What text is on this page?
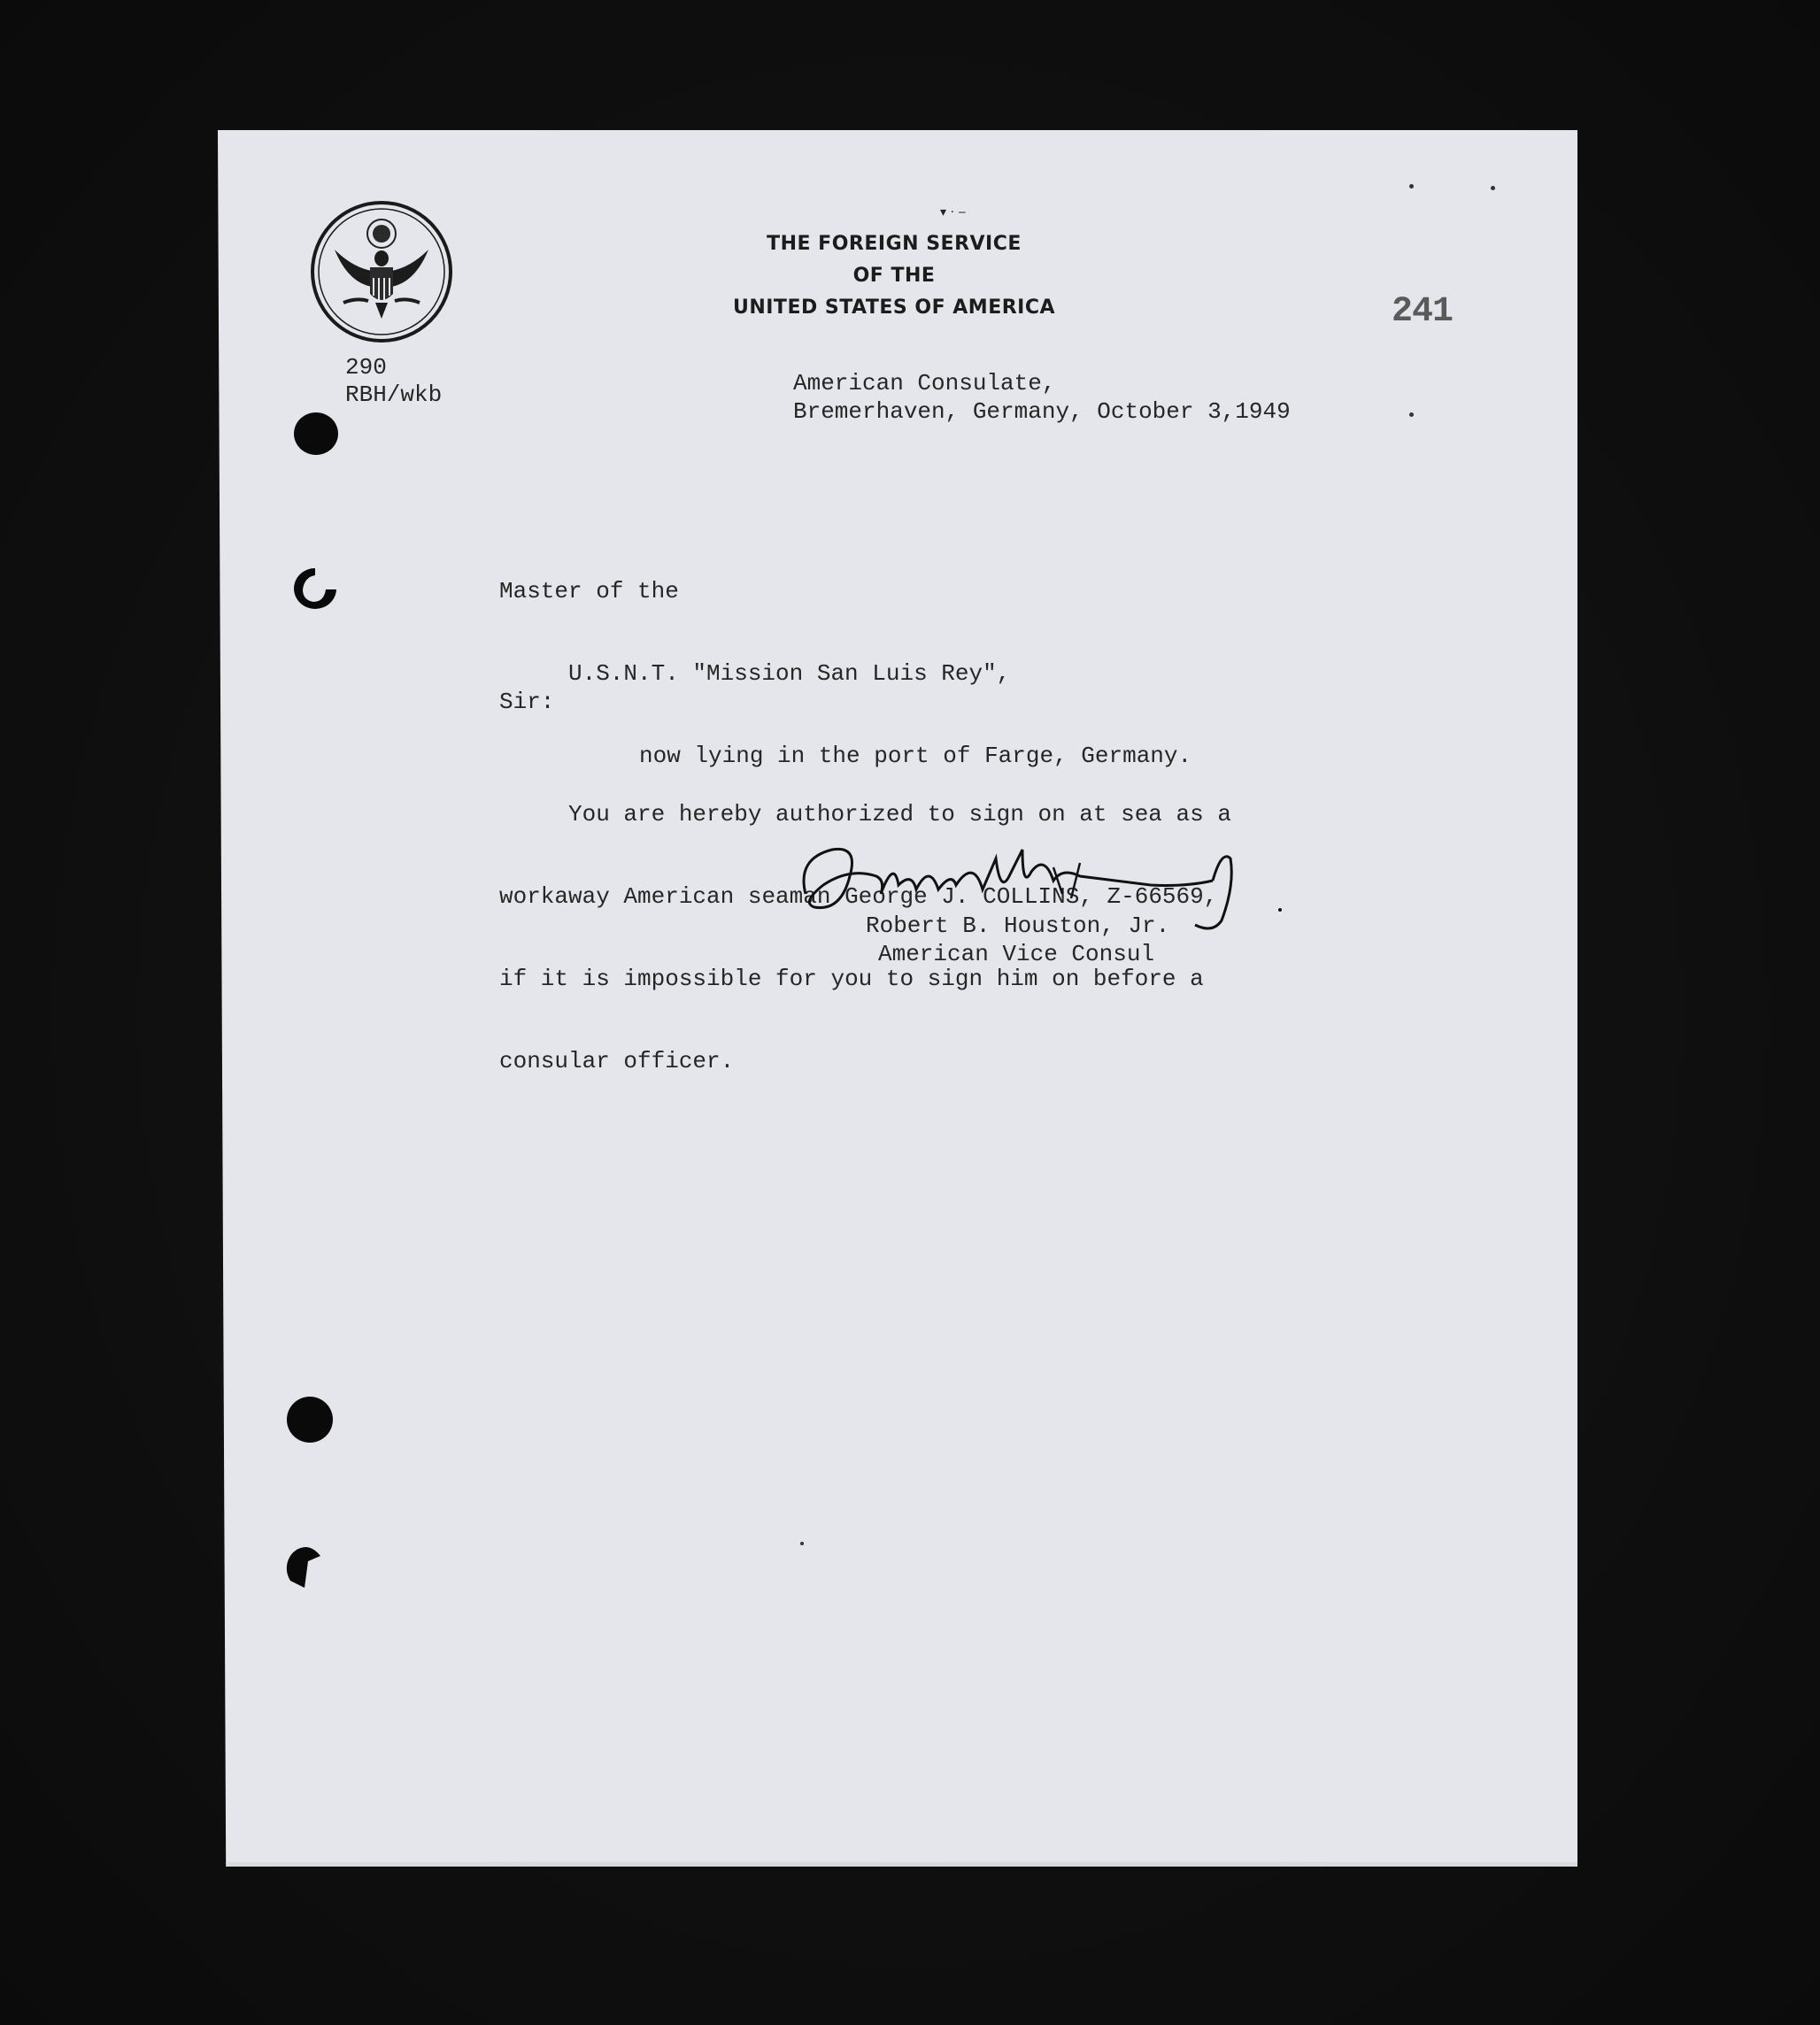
▾ · ‒
THE FOREIGN SERVICE
OF THE
UNITED STATES OF AMERICA	241
290
RBH/wkb	American Consulate,
Bremerhaven, Germany, October 3,1949

Master of the

U.S.N.T. "Mission San Luis Rey",

now lying in the port of Farge, Germany.

Sir:

You are hereby authorized to sign on at sea as a

workaway American seaman George J. COLLINS, Z-66569,

if it is impossible for you to sign him on before a

consular officer.

Robert B. Houston, Jr.
American Vice Consul
